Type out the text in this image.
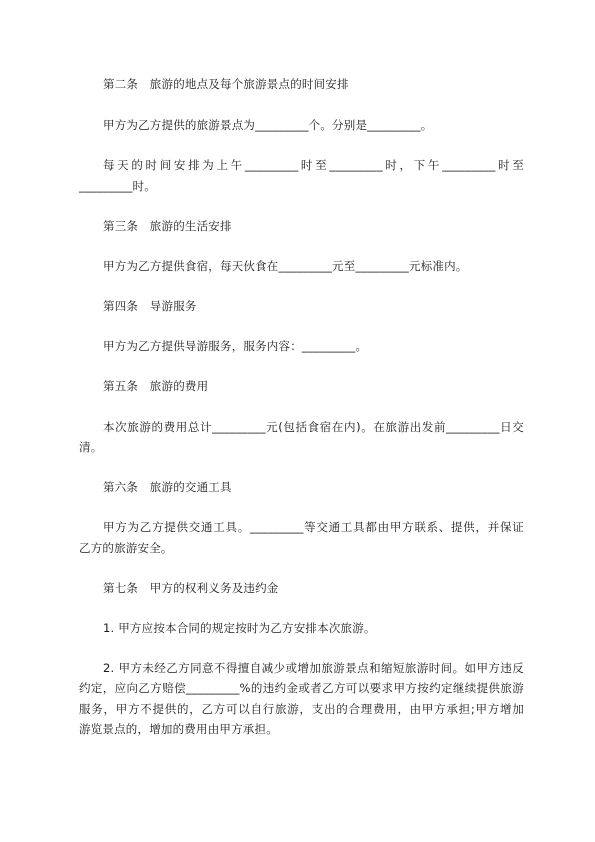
第二条　旅游的地点及每个旅游景点的时间安排
甲方为乙方提供的旅游景点为_________个。分别是_________。
每天的时间安排为上午_________时至_________时，下午_________时至
_________时。
第三条　旅游的生活安排
甲方为乙方提供食宿，每天伙食在_________元至_________元标准内。
第四条　导游服务
甲方为乙方提供导游服务，服务内容：_________。
第五条　旅游的费用
本次旅游的费用总计_________元(包括食宿在内)。在旅游出发前_________日交
清。
第六条　旅游的交通工具
甲方为乙方提供交通工具。_________等交通工具都由甲方联系、提供，并保证
乙方的旅游安全。
第七条　甲方的权利义务及违约金
1. 甲方应按本合同的规定按时为乙方安排本次旅游。
2. 甲方未经乙方同意不得擅自减少或增加旅游景点和缩短旅游时间。如甲方违反
约定，应向乙方赔偿_________%的违约金或者乙方可以要求甲方按约定继续提供旅游
服务，甲方不提供的，乙方可以自行旅游，支出的合理费用，由甲方承担;甲方增加
游览景点的，增加的费用由甲方承担。
